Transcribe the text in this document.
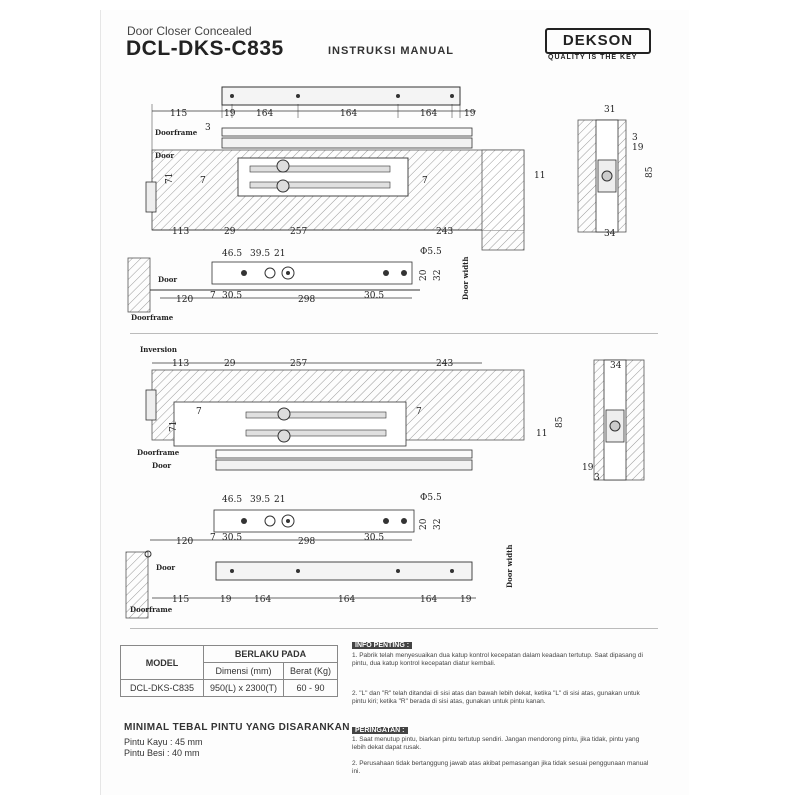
Door Closer Concealed
DCL-DKS-C835	INSTRUKSI MANUAL
DEKSON
QUALITY IS THE KEY
115	19 164	164	164	19
Doorframe
Door
3
71	7	7	11
113	29	257	243
Doorframe
Door
46.5 39.5 21	Φ5.5
20 32	Door width
120 7 30.5	298	30.5
31
3
19
85
34
Inversion
113	29	257	243
7	7
71
11
85
Doorframe
Door
34
19
3
46.5 39.5 21	Φ5.5
20 32
120 7 30.5	298	30.5
Door
Doorframe
Door width
115	19	164	164	164	19
MODEL	BERLAKU PADA	
	Dimensi (mm)	Berat (Kg)
DCL-DKS-C835	950(L) x 2300(T)	60 - 90
MINIMAL TEBAL PINTU YANG DISARANKAN
Pintu Kayu : 45 mm
Pintu Besi : 40 mm
INFO PENTING :
1. Pabrik telah menyesuaikan dua katup kontrol kecepatan dalam keadaan tertutup. Saat dipasang di pintu, dua katup kontrol kecepatan diatur kembali.
2. "L" dan "R" telah ditandai di sisi atas dan bawah lebih dekat, ketika "L" di sisi atas, gunakan untuk pintu kiri; ketika "R" berada di sisi atas, gunakan untuk pintu kanan.
PERINGATAN :
1. Saat menutup pintu, biarkan pintu tertutup sendiri. Jangan mendorong pintu, jika tidak, pintu yang lebih dekat dapat rusak.
2. Perusahaan tidak bertanggung jawab atas akibat pemasangan jika tidak sesuai penggunaan manual ini.
